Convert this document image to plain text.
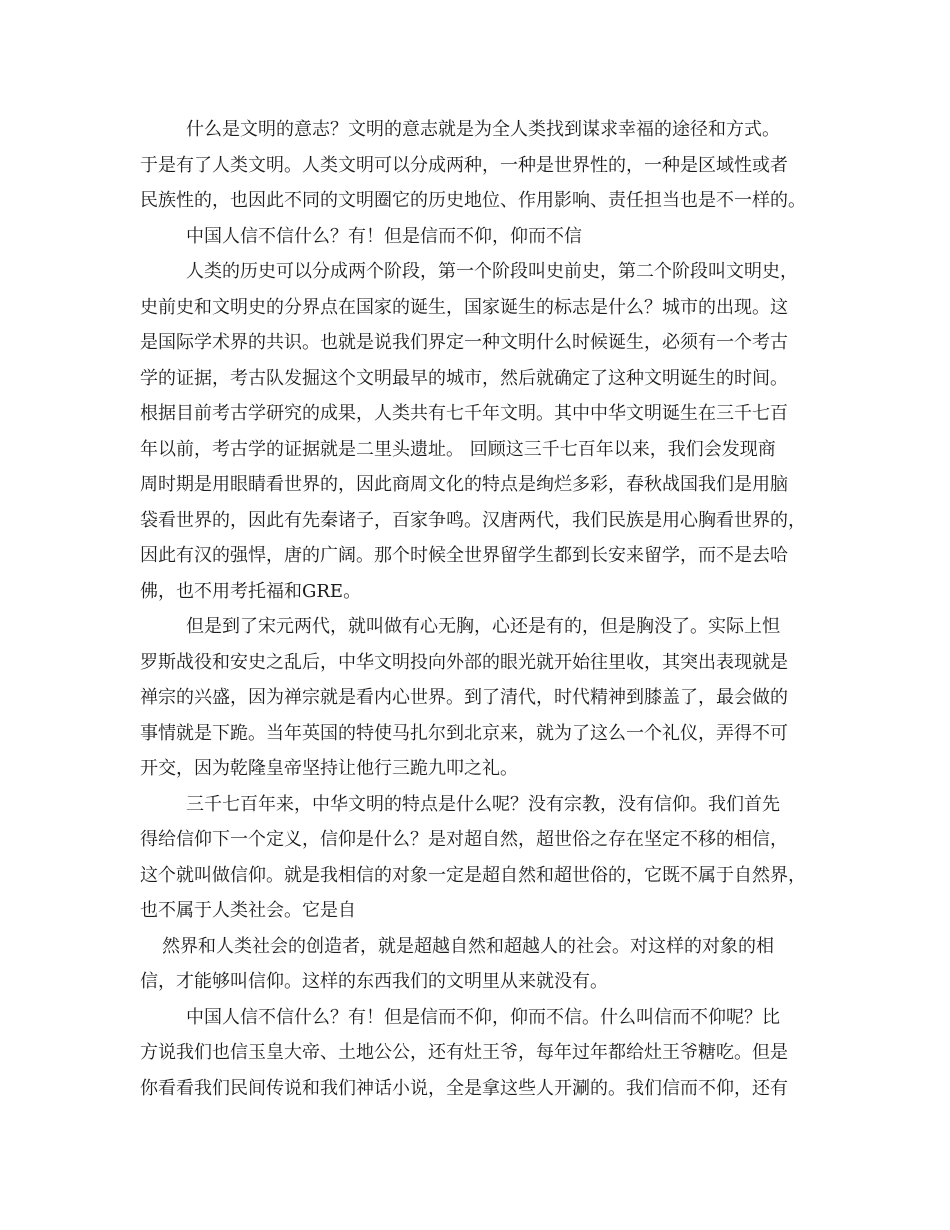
什么是文明的意志？文明的意志就是为全人类找到谋求幸福的途径和方式。
于是有了人类文明。人类文明可以分成两种，一种是世界性的，一种是区域性或者
民族性的，也因此不同的文明圈它的历史地位、作用影响、责任担当也是不一样的。
中国人信不信什么？有！但是信而不仰，仰而不信
人类的历史可以分成两个阶段，第一个阶段叫史前史，第二个阶段叫文明史，
史前史和文明史的分界点在国家的诞生，国家诞生的标志是什么？城市的出现。这
是国际学术界的共识。也就是说我们界定一种文明什么时候诞生，必须有一个考古
学的证据，考古队发掘这个文明最早的城市，然后就确定了这种文明诞生的时间。
根据目前考古学研究的成果，人类共有七千年文明。其中中华文明诞生在三千七百
年以前，考古学的证据就是二里头遗址。 回顾这三千七百年以来，我们会发现商
周时期是用眼睛看世界的，因此商周文化的特点是绚烂多彩，春秋战国我们是用脑
袋看世界的，因此有先秦诸子，百家争鸣。汉唐两代，我们民族是用心胸看世界的，
因此有汉的强悍，唐的广阔。那个时候全世界留学生都到长安来留学，而不是去哈
佛，也不用考托福和GRE。
但是到了宋元两代，就叫做有心无胸，心还是有的，但是胸没了。实际上怛
罗斯战役和安史之乱后，中华文明投向外部的眼光就开始往里收，其突出表现就是
禅宗的兴盛，因为禅宗就是看内心世界。到了清代，时代精神到膝盖了，最会做的
事情就是下跪。当年英国的特使马扎尔到北京来，就为了这么一个礼仪，弄得不可
开交，因为乾隆皇帝坚持让他行三跪九叩之礼。
三千七百年来，中华文明的特点是什么呢？没有宗教，没有信仰。我们首先
得给信仰下一个定义，信仰是什么？是对超自然，超世俗之存在坚定不移的相信，
这个就叫做信仰。就是我相信的对象一定是超自然和超世俗的，它既不属于自然界，
也不属于人类社会。它是自
然界和人类社会的创造者，就是超越自然和超越人的社会。对这样的对象的相
信，才能够叫信仰。这样的东西我们的文明里从来就没有。
中国人信不信什么？有！但是信而不仰，仰而不信。什么叫信而不仰呢？比
方说我们也信玉皇大帝、土地公公，还有灶王爷，每年过年都给灶王爷糖吃。但是
你看看我们民间传说和我们神话小说，全是拿这些人开涮的。我们信而不仰，还有
